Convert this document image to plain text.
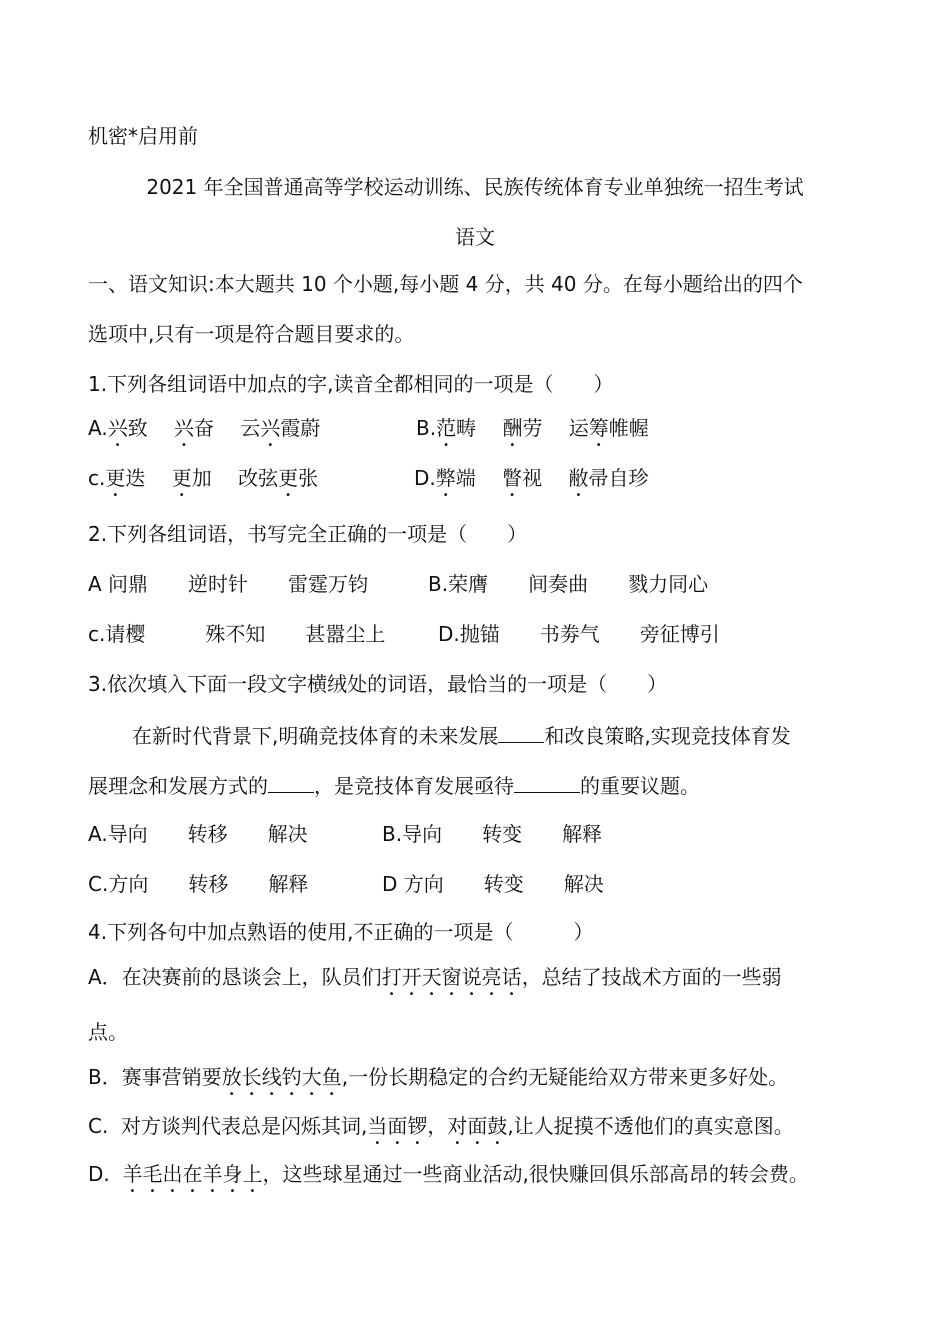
机密*启用前
2021 年全国普通高等学校运动训练、民族传统体育专业单独统一招生考试
语文
一、语文知识:本大题共 10 个小题,每小题 4 分，共 40 分。在每小题给出的四个
选项中,只有一项是符合题目要求的。
1.下列各组词语中加点的字,读音全都相同的一项是（　　）
A.兴致　 兴奋　 云兴霞蔚	B.范畴　 酬劳　 运筹帷幄
c.更迭　 更加　 改弦更张	D.弊端　 瞥视　 敝帚自珍
2.下列各组词语，书写完全正确的一项是（　　）
A 问鼎　　逆时针　　雷霆万钧	B.荣膺　　间奏曲　　戮力同心
c.请樱　　　殊不知　　甚嚣尘上	D.抛锚　　书劵气　　旁征博引
3.依次填入下面一段文字横绒处的词语，最恰当的一项是（　　）
在新时代背景下,明确竞技体育的未来发展 和改良策略,实现竞技体育发
展理念和发展方式的 ，是竞技体育发展亟待	的重要议题。
A.导向　　转移　　解决	B.导向　　转变　　解释
C.方向　　转移　　解释	D 方向　　转变　　解决
4.下列各句中加点熟语的使用,不正确的一项是（　　　）
A．在决赛前的恳谈会上，队员们打开天窗说亮话，总结了技战术方面的一些弱
点。
B．赛事营销要放长线钓大鱼,一份长期稳定的合约无疑能给双方带来更多好处。
C.  对方谈判代表总是闪烁其词,当面锣，对面鼓,让人捉摸不透他们的真实意图。
D.  羊毛出在羊身上，这些球星通过一些商业活动,很快赚回俱乐部高昂的转会费。
